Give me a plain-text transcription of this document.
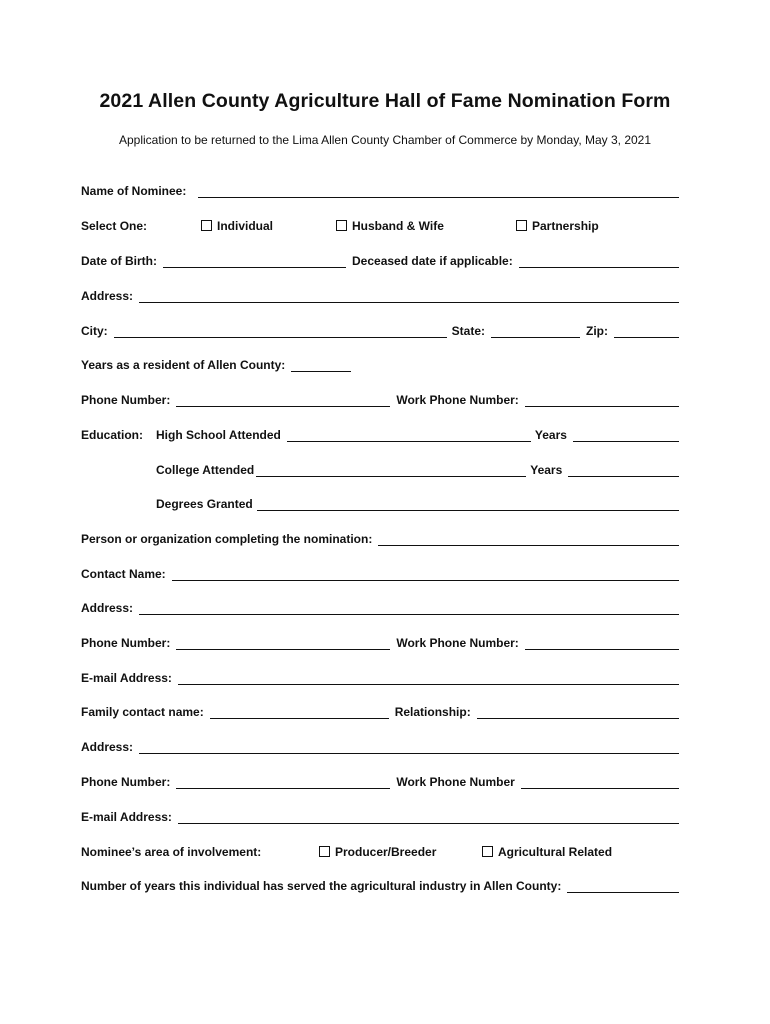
2021 Allen County Agriculture Hall of Fame Nomination Form
Application to be returned to the Lima Allen County Chamber of Commerce by Monday, May 3, 2021
Name of Nominee:
Select One:	Individual	Husband & Wife	Partnership
Date of Birth:	Deceased date if applicable:
Address:
City:	State:	Zip:
Years as a resident of Allen County:
Phone Number:	Work Phone Number:
Education:	High School Attended	Years
College Attended	Years
Degrees Granted
Person or organization completing the nomination:
Contact Name:
Address:
Phone Number:	Work Phone Number:
E-mail Address:
Family contact name:	Relationship:
Address:
Phone Number:	Work Phone Number
E-mail Address:
Nominee’s area of involvement:	Producer/Breeder	Agricultural Related
Number of years this individual has served the agricultural industry in Allen County:
